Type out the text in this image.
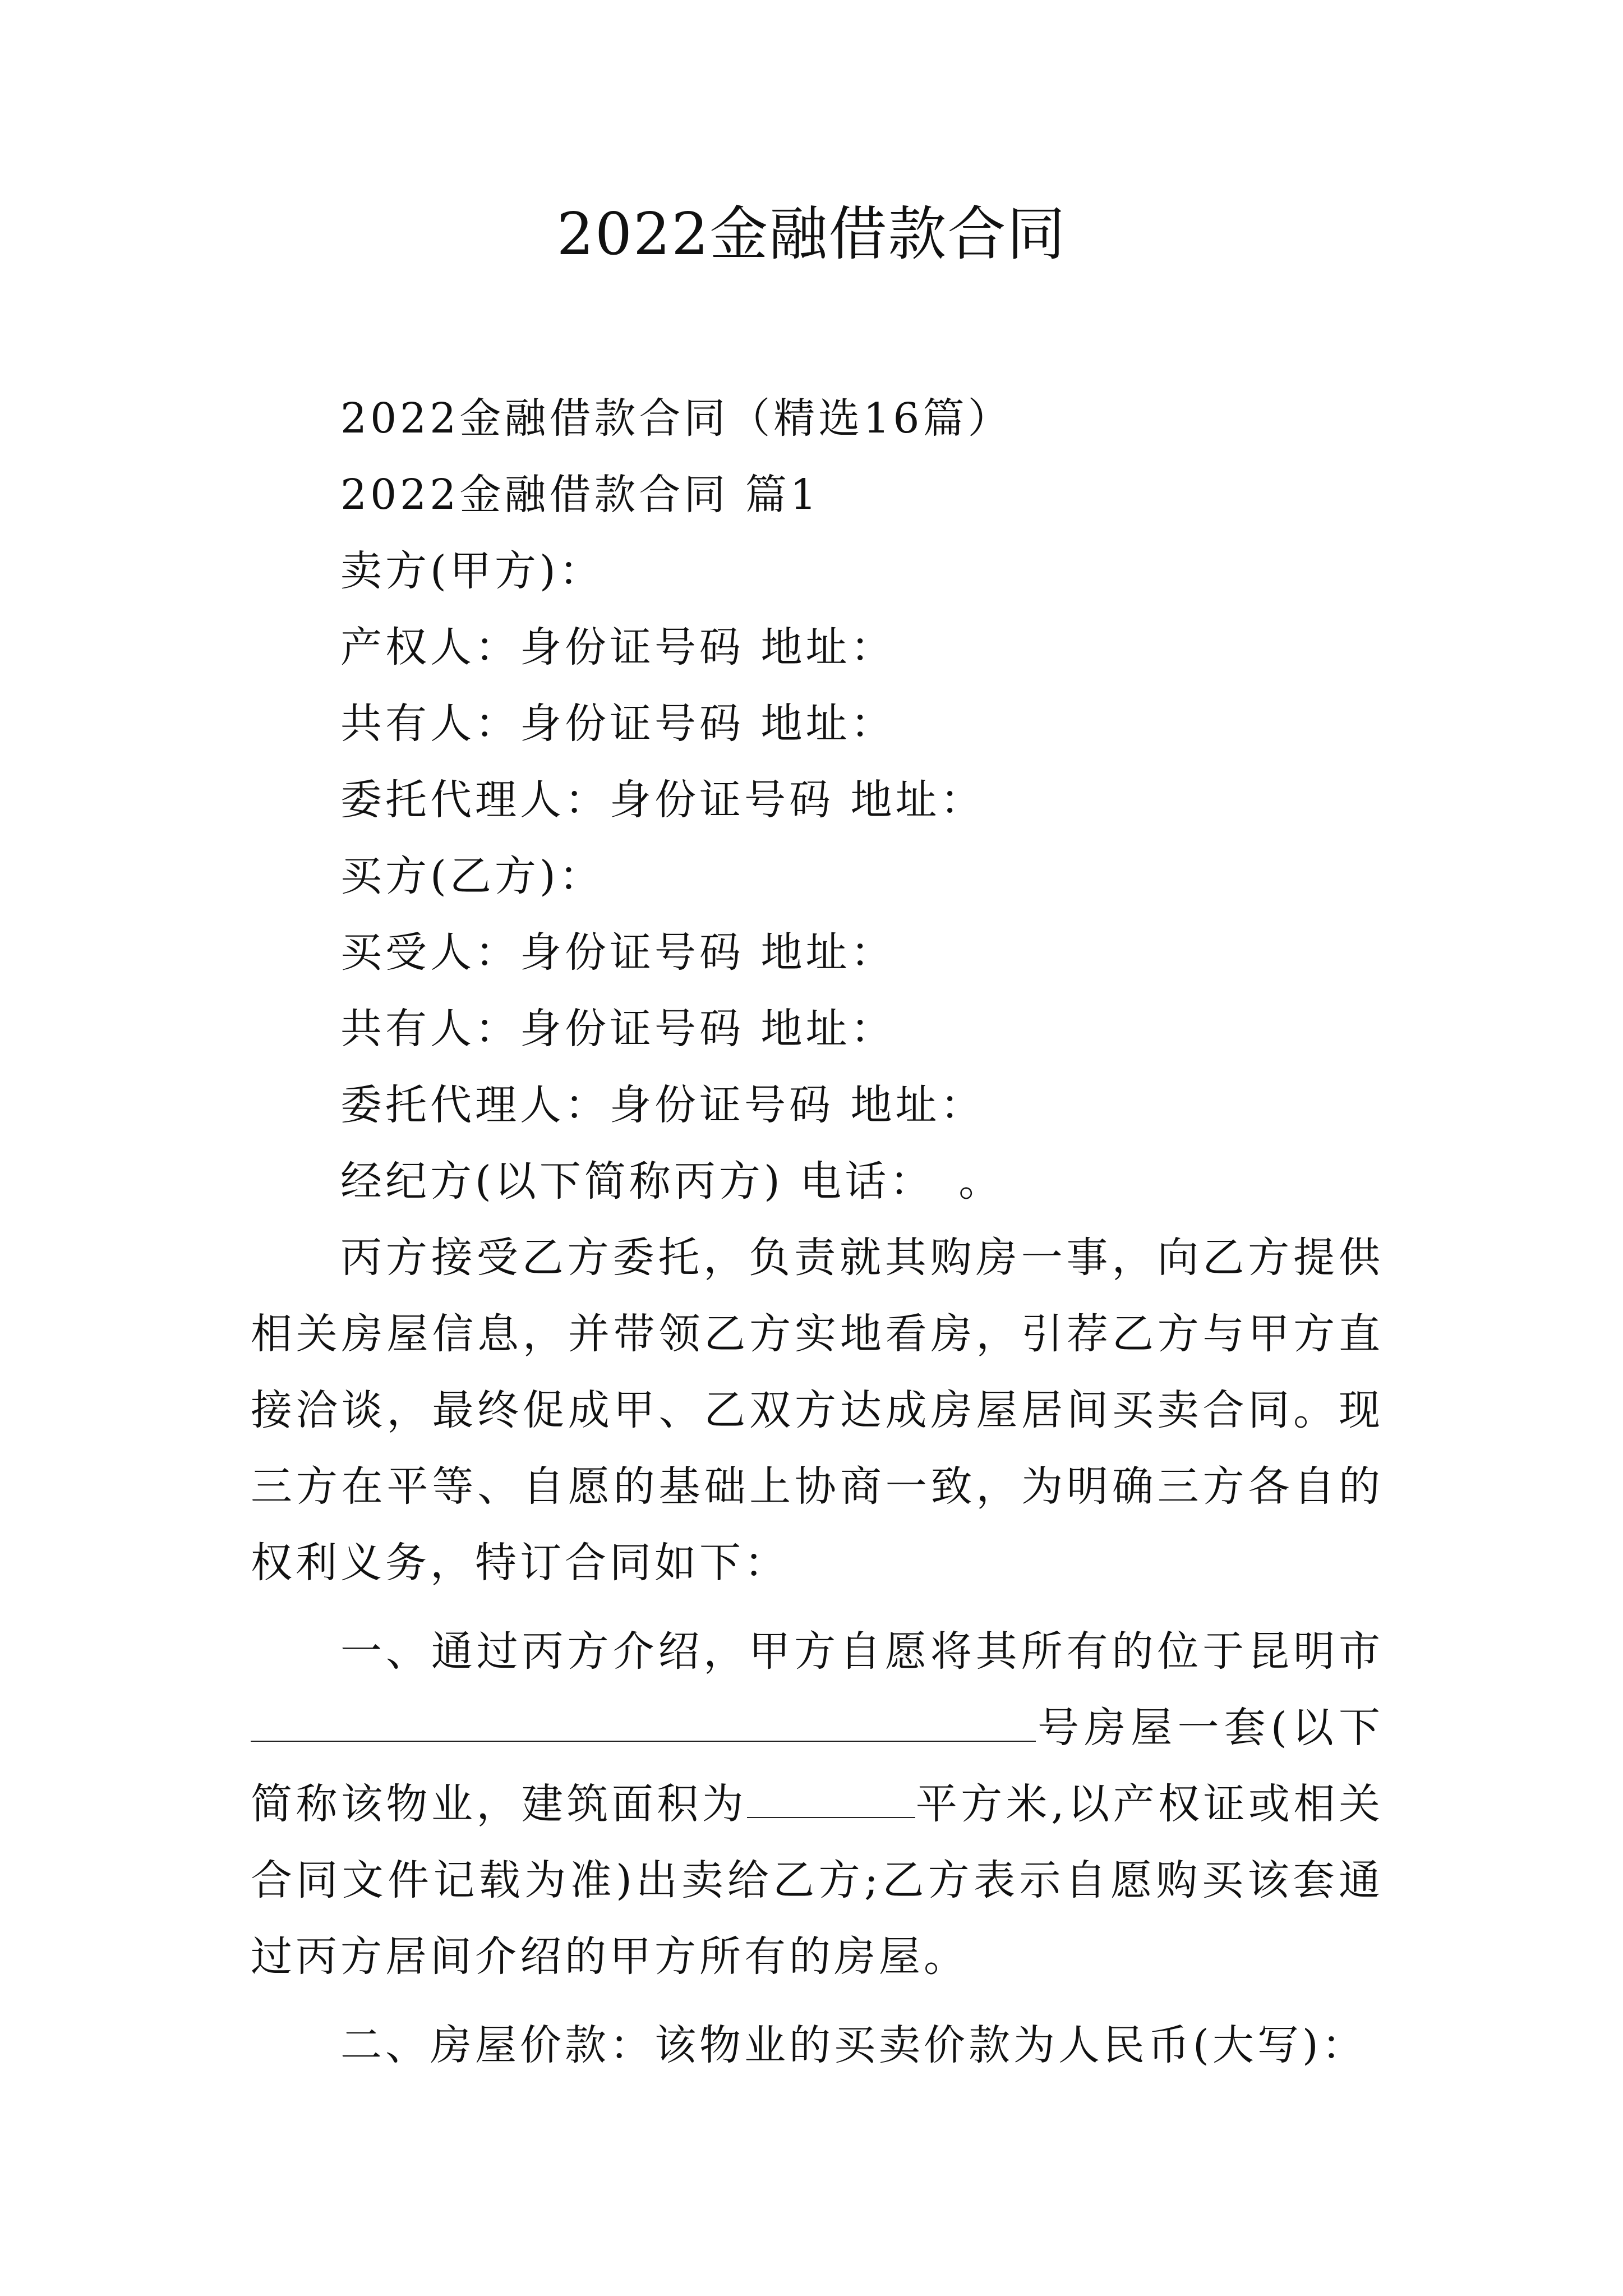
2022金融借款合同
2022金融借款合同（精选16篇）
2022金融借款合同 篇1
卖方(甲方)：
产权人：身份证号码 地址：
共有人：身份证号码 地址：
委托代理人：身份证号码 地址：
买方(乙方)：
买受人：身份证号码 地址：
共有人：身份证号码 地址：
委托代理人：身份证号码 地址：
经纪方(以下简称丙方) 电话：　。
丙方接受乙方委托，负责就其购房一事，向乙方提供相关房屋信息，并带领乙方实地看房，引荐乙方与甲方直接洽谈，最终促成甲、乙双方达成房屋居间买卖合同。现三方在平等、自愿的基础上协商一致，为明确三方各自的权利义务，特订合同如下：
一、通过丙方介绍，甲方自愿将其所有的位于昆明市号房屋一套(以下简称该物业，建筑面积为	平方米,以产权证或相关合同文件记载为准)出卖给乙方;乙方表示自愿购买该套通过丙方居间介绍的甲方所有的房屋。
二、房屋价款：该物业的买卖价款为人民币(大写)：
